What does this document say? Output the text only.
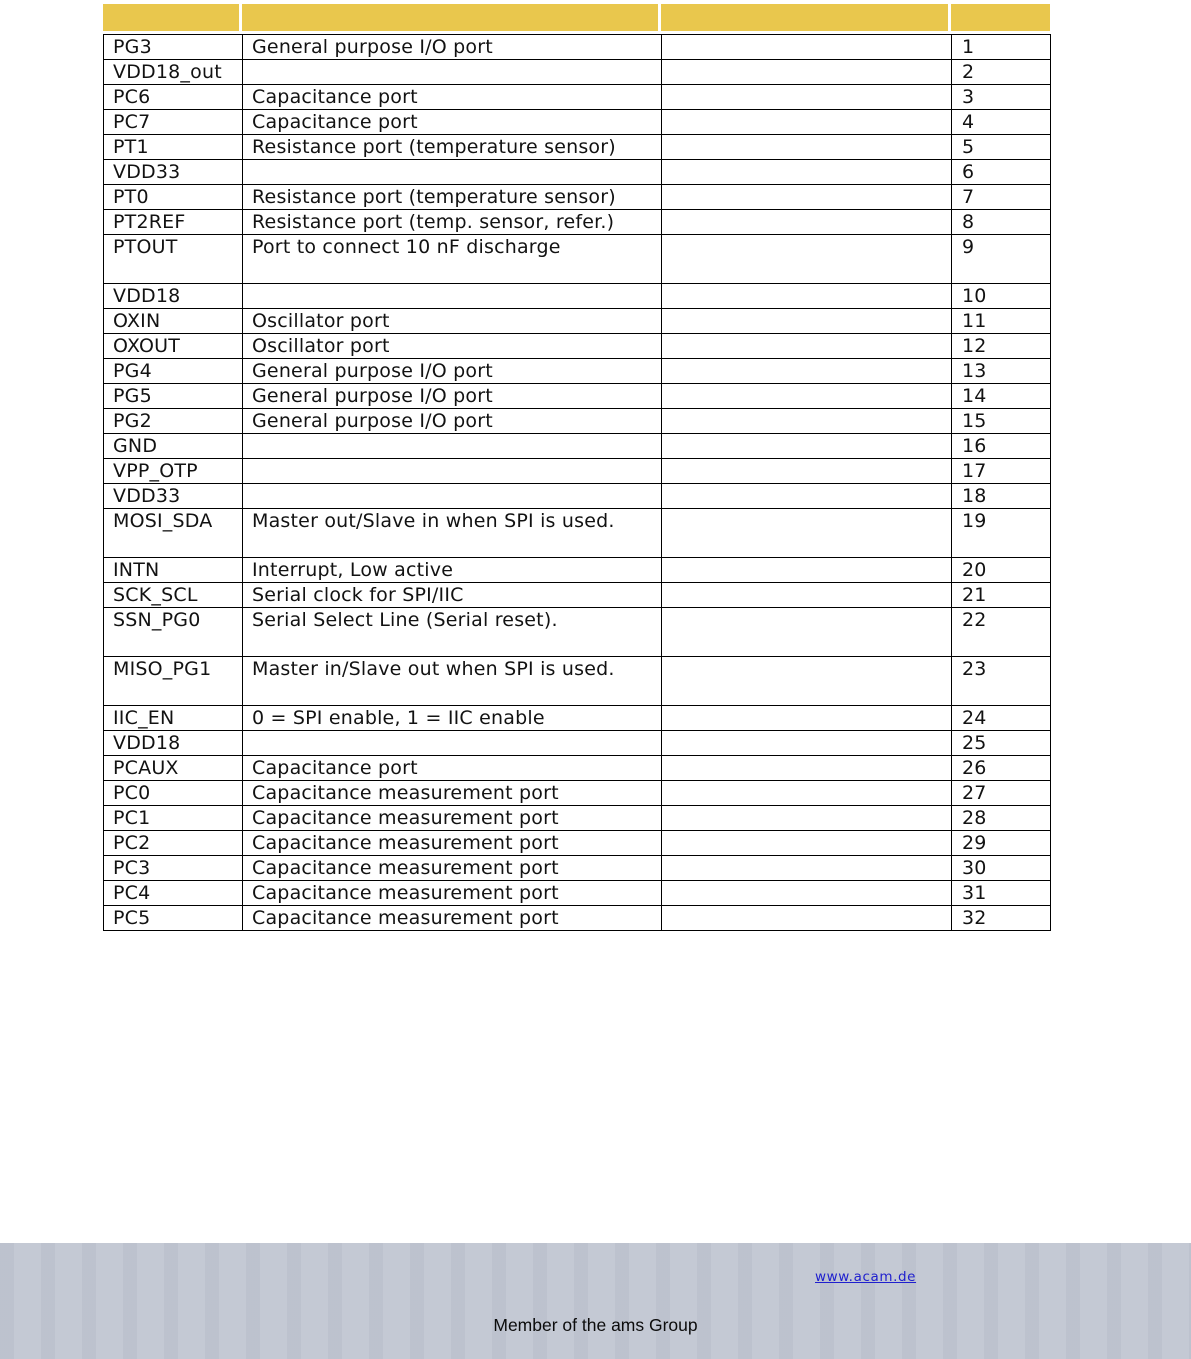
PG3	General purpose I/O port		1
VDD18_out			2
PC6	Capacitance port		3
PC7	Capacitance port		4
PT1	Resistance port (temperature sensor)		5
VDD33			6
PT0	Resistance port (temperature sensor)		7
PT2REF	Resistance port (temp. sensor, refer.)		8
PTOUT	Port to connect 10 nF discharge		9
VDD18			10
OXIN	Oscillator port		11
OXOUT	Oscillator port		12
PG4	General purpose I/O port		13
PG5	General purpose I/O port		14
PG2	General purpose I/O port		15
GND			16
VPP_OTP			17
VDD33			18
MOSI_SDA	Master out/Slave in when SPI is used.		19
INTN	Interrupt, Low active		20
SCK_SCL	Serial clock for SPI/IIC		21
SSN_PG0	Serial Select Line (Serial reset).		22
MISO_PG1	Master in/Slave out when SPI is used.		23
IIC_EN	0 = SPI enable, 1 = IIC enable		24
VDD18			25
PCAUX	Capacitance port		26
PC0	Capacitance measurement port		27
PC1	Capacitance measurement port		28
PC2	Capacitance measurement port		29
PC3	Capacitance measurement port		30
PC4	Capacitance measurement port		31
PC5	Capacitance measurement port		32
www.acam.de
Member of the ams Group
